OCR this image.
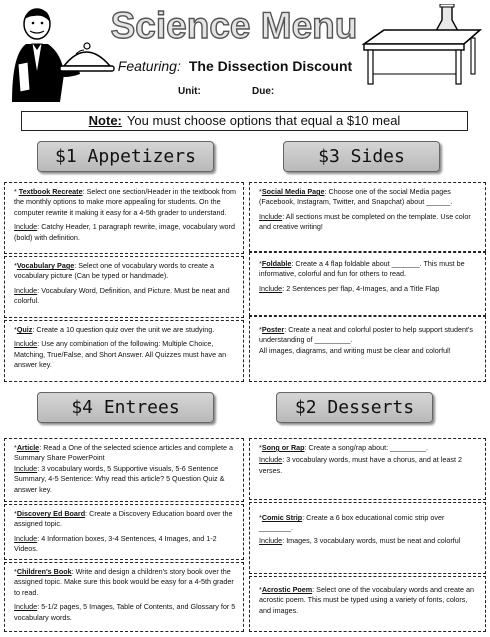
Science Menu
Featuring: The Dissection Discount
Unit:	Due:
Note: You must choose options that equal a $10 meal
$1 Appetizers	$3 Sides
$4 Entrees	$2 Desserts

* Textbook Recreate: Select one section/Header in the textbook from the monthly options to make more appealing for students. On the computer rewrite it making it easy for a 4-5th grader to understand.

Include: Catchy Header, 1 paragraph rewrite, image, vocabulary word (bold) with definition.

*Vocabulary Page: Select one of vocabulary words to create a vocabulary picture (Can be typed or handmade).

Include: Vocabulary Word, Definition, and Picture. Must be neat and colorful.

*Quiz: Create a 10 question quiz over the unit we are studying.

Include: Use any combination of the following: Multiple Choice, Matching, True/False, and Short Answer. All Quizzes must have an answer key.

*Social Media Page: Choose one of the social Media pages (Facebook, Instagram, Twitter, and Snapchat) about ______.

Include: All sections must be completed on the template. Use color and creative writing!

*Foldable: Create a 4 flap foldable about _______. This must be informative, colorful and fun for others to read.

Include: 2 Sentences per flap, 4-Images, and a Title Flap

*Poster: Create a neat and colorful poster to help support student's understanding of _________.

All images, diagrams, and writing must be clear and colorful!

*Article: Read a One of the selected science articles and complete a Summary Share PowerPoint

Include: 3 vocabulary words, 5 Supportive visuals, 5-6 Sentence Summary, 4-5 Sentence: Why read this article? 5 Question Quiz & answer key.

*Discovery Ed Board: Create a Discovery Education board over the assigned topic.

Include: 4 Information boxes, 3-4 Sentences, 4 Images, and 1-2 Videos.

*Children's Book: Write and design a children's story book over the assigned topic. Make sure this book would be easy for a 4-5th grader to read.

Include: 5-1/2 pages, 5 Images, Table of Contents, and Glossary for 5 vocabulary words.

*Song or Rap: Create a song/rap about: _________.

Include: 3 vocabulary words, must have a chorus, and at least 2 verses.

*Comic Strip: Create a 6 box educational comic strip over ________.

Include: Images, 3 vocabulary words, must be neat and colorful

*Acrostic Poem: Select one of the vocabulary words and create an acrostic poem. This must be typed using a variety of fonts, colors, and images.
